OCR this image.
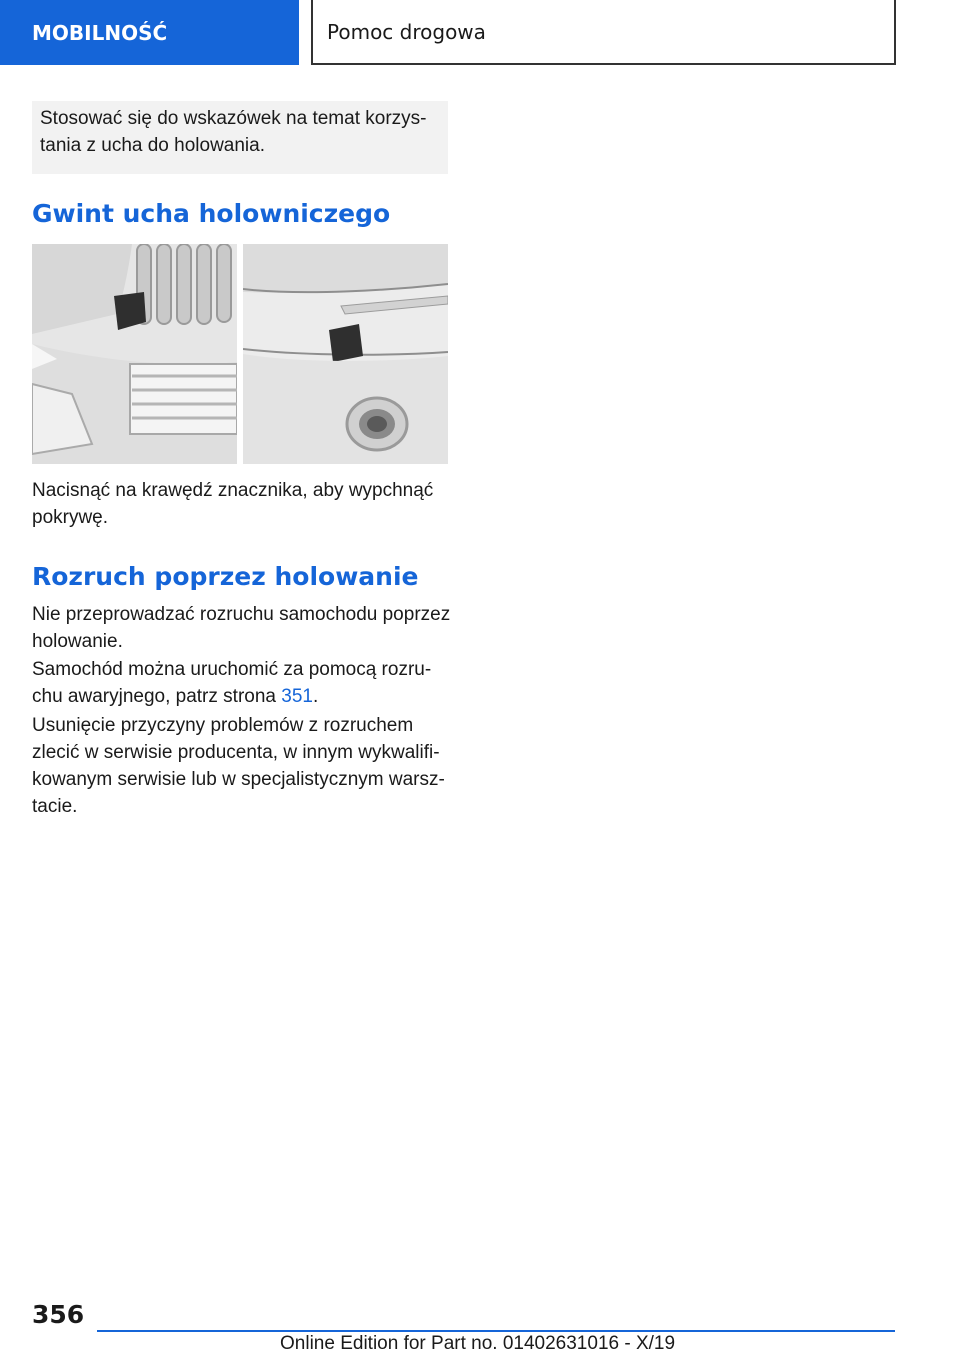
MOBILNOŚĆ	Pomoc drogowa
Stosować się do wskazówek na temat korzystania z ucha do holowania.
Gwint ucha holowniczego

Nacisnąć na krawędź znacznika, aby wypchnąć pokrywę.

Rozruch poprzez holowanie

Nie przeprowadzać rozruchu samochodu poprzez holowanie.

Samochód można uruchomić za pomocą rozruchu awaryjnego, patrz strona 351.

Usunięcie przyczyny problemów z rozruchem zlecić w serwisie producenta, w innym wykwalifikowanym serwisie lub w specjalistycznym warsztacie.

356
Online Edition for Part no. 01402631016 - X/19
